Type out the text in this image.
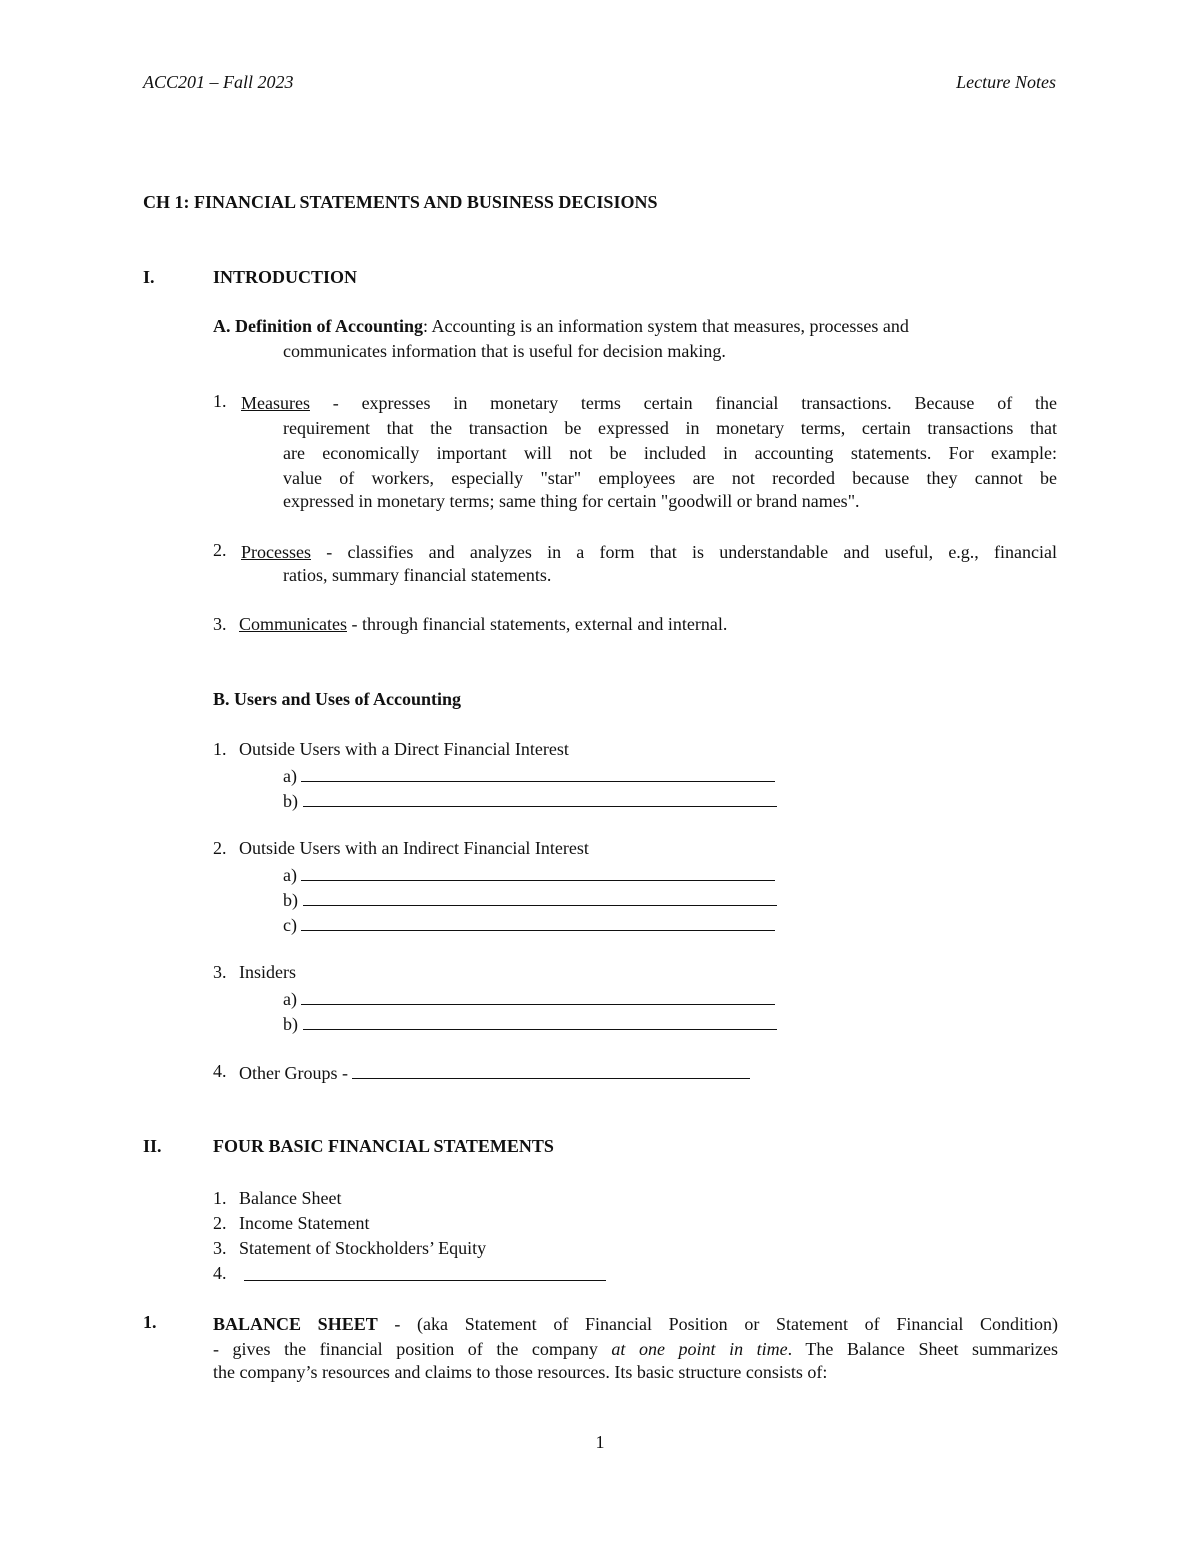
ACC201 – Fall 2023	Lecture Notes
CH 1: FINANCIAL STATEMENTS AND BUSINESS DECISIONS
I.	INTRODUCTION
A. Definition of Accounting: Accounting is an information system that measures, processes and
communicates information that is useful for decision making.
1. Measures - expresses in monetary terms certain financial transactions. Because of the
requirement that the transaction be expressed in monetary terms, certain transactions that
are economically important will not be included in accounting statements. For example:
value of workers, especially "star" employees are not recorded because they cannot be
expressed in monetary terms; same thing for certain "goodwill or brand names".
2. Processes - classifies and analyzes in a form that is understandable and useful, e.g., financial
ratios, summary financial statements.
3. Communicates - through financial statements, external and internal.
B. Users and Uses of Accounting
1. Outside Users with a Direct Financial Interest
a)
b)
2. Outside Users with an Indirect Financial Interest
a)
b)
c)
3. Insiders
a)
b)
4. Other Groups -
II.	FOUR BASIC FINANCIAL STATEMENTS
1. Balance Sheet
2. Income Statement
3. Statement of Stockholders’ Equity
4.
1.	BALANCE SHEET - (aka Statement of Financial Position or Statement of Financial Condition)
- gives the financial position of the company at one point in time. The Balance Sheet summarizes
the company’s resources and claims to those resources. Its basic structure consists of:
1
